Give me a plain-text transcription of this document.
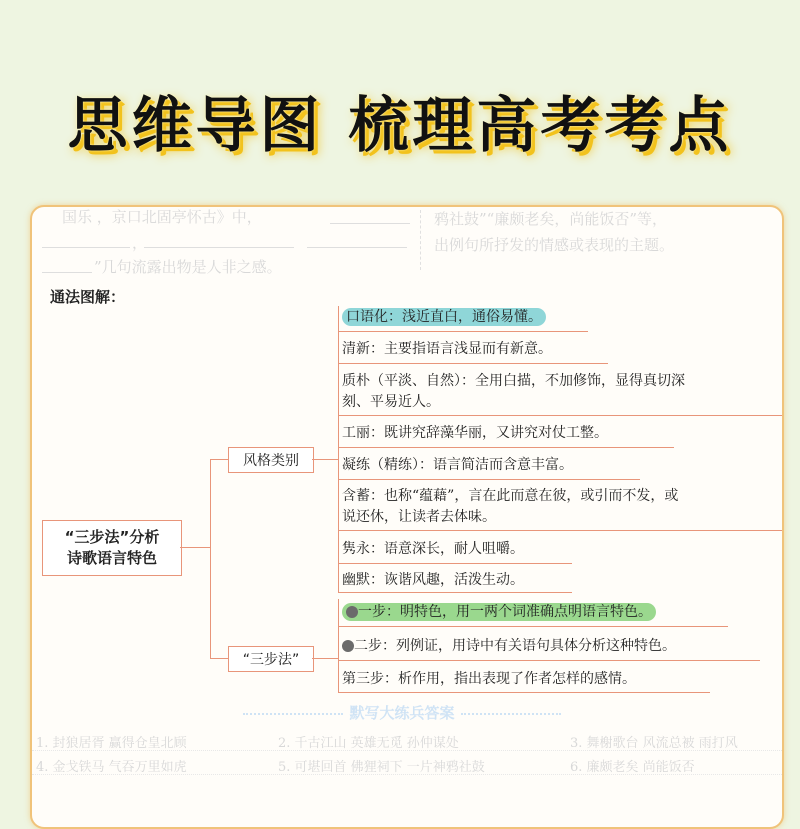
思维导图 梳理高考考点
国乐 ，京口北固亭怀古》中，
，
”几句流露出物是人非之感。
鸦社鼓”“廉颇老矣，尚能饭否”等，
出例句所抒发的情感或表现的主题。
通法图解：
“三步法”分析
诗歌语言特色
风格类别
“三步法”
口语化：浅近直白，通俗易懂。
清新：主要指语言浅显而有新意。
质朴（平淡、自然）：全用白描，不加修饰，显得真切深
刻、平易近人。
工丽：既讲究辞藻华丽，又讲究对仗工整。
凝练（精练）：语言简洁而含意丰富。
含蓄：也称“蕴藉”，言在此而意在彼，或引而不发，或
说还休，让读者去体味。
隽永：语意深长，耐人咀嚼。
幽默：诙谐风趣，活泼生动。
一步：明特色，用一两个词准确点明语言特色。
二步：列例证，用诗中有关语句具体分析这种特色。
第三步：析作用，指出表现了作者怎样的感情。
默写大练兵答案
1. 封狼居胥 赢得仓皇北顾	2. 千古江山 英雄无觅 孙仲谋处	3. 舞榭歌台 风流总被 雨打风
4. 金戈铁马 气吞万里如虎	5. 可堪回首 佛狸祠下 一片神鸦社鼓	6. 廉颇老矣 尚能饭否
